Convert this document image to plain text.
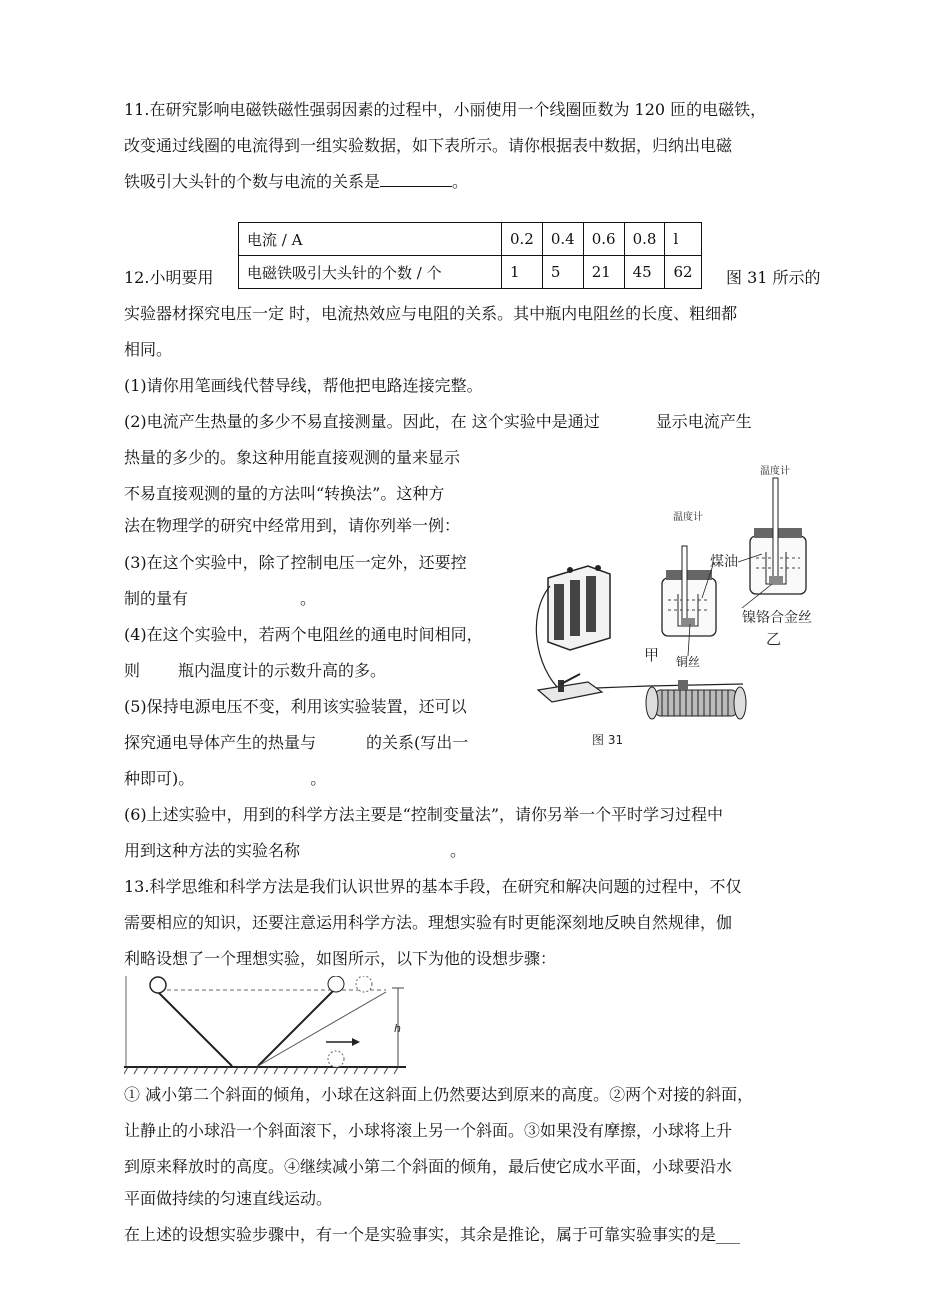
11.在研究影响电磁铁磁性强弱因素的过程中，小丽使用一个线圈匝数为 120 匝的电磁铁，
改变通过线圈的电流得到一组实验数据，如下表所示。请你根据表中数据，归纳出电磁
铁吸引大头针的个数与电流的关系是	。
电流 / A	0.2	0.4	0.6	0.8	l
电磁铁吸引大头针的个数 / 个	1	5	21	45	62
12.小明要用	图 31 所示的
实验器材探究电压一定 时，电流热效应与电阻的关系。其中瓶内电阻丝的长度、粗细都
相同。
(1)请你用笔画线代替导线，帮他把电路连接完整。
(2)电流产生热量的多少不易直接测量。因此，在 这个实验中是通过	显示电流产生
热量的多少的。象这种用能直接观测的量来显示
不易直接观测的量的方法叫“转换法”。这种方
法在物理学的研究中经常用到，请你列举一例：
(3)在这个实验中，除了控制电压一定外，还要控
制的量有	。
(4)在这个实验中，若两个电阻丝的通电时间相同，
则 瓶内温度计的示数升高的多。
(5)保持电源电压不变，利用该实验装置，还可以
探究通电导体产生的热量与	的关系(写出一
种即可)。	。
(6)上述实验中，用到的科学方法主要是“控制变量法”，请你另举一个平时学习过程中
用到这种方法的实验名称	。
温度计
温度计
煤油
镍铬合金丝
乙
甲 铜丝
图 31
13.科学思维和科学方法是我们认识世界的基本手段，在研究和解决问题的过程中，不仅
需要相应的知识，还要注意运用科学方法。理想实验有时更能深刻地反映自然规律，伽
利略设想了一个理想实验，如图所示，以下为他的设想步骤：
h
① 减小第二个斜面的倾角，小球在这斜面上仍然要达到原来的高度。②两个对接的斜面，
让静止的小球沿一个斜面滚下，小球将滚上另一个斜面。③如果没有摩擦，小球将上升
到原来释放时的高度。④继续减小第二个斜面的倾角，最后使它成水平面，小球要沿水
平面做持续的匀速直线运动。
在上述的设想实验步骤中，有一个是实验事实，其余是推论，属于可靠实验事实的是___
